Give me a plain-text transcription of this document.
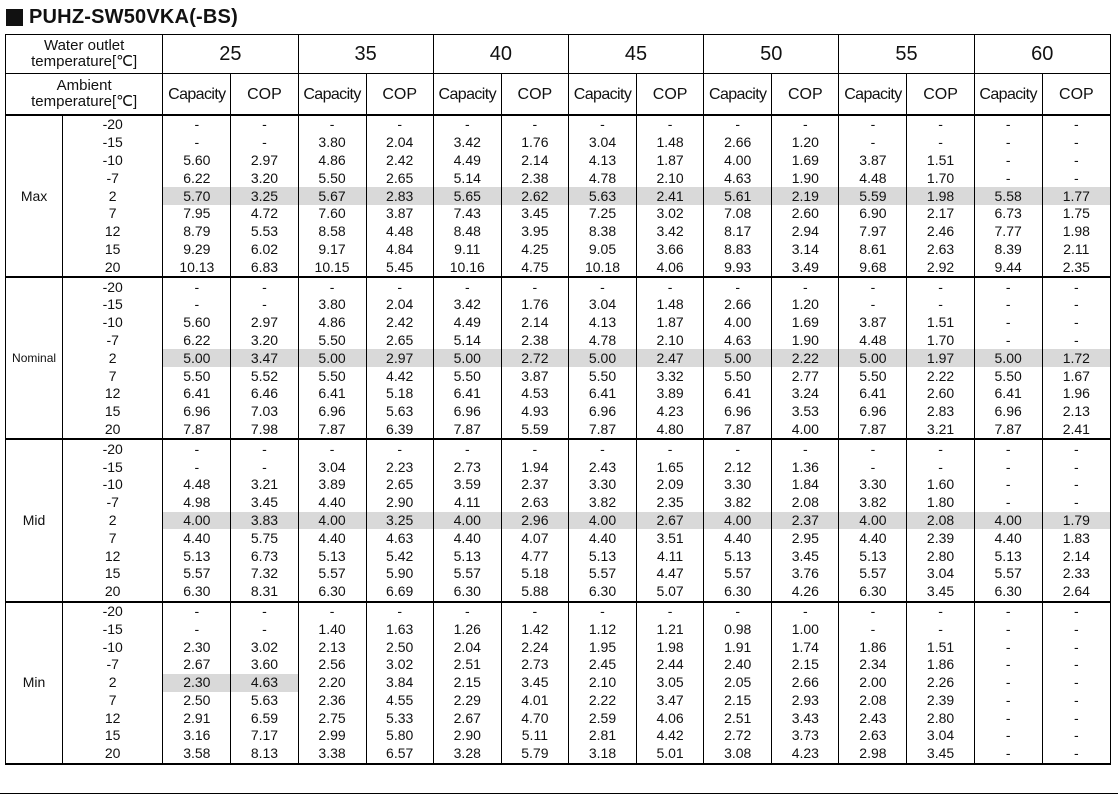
PUHZ-SW50VKA(-BS)
Water outlet temperature[℃]		25		35		40		45		50		55		60	
Ambient temperature[℃]		Capacity	COP	Capacity	COP	Capacity	COP	Capacity	COP	Capacity	COP	Capacity	COP	Capacity	COP
Max	-20	-	-	-	-	-	-	-	-	-	-	-	-	-	-
	-15	-	-	3.80	2.04	3.42	1.76	3.04	1.48	2.66	1.20	-	-	-	-
	-10	5.60	2.97	4.86	2.42	4.49	2.14	4.13	1.87	4.00	1.69	3.87	1.51	-	-
	-7	6.22	3.20	5.50	2.65	5.14	2.38	4.78	2.10	4.63	1.90	4.48	1.70	-	-
	2	5.70	3.25	5.67	2.83	5.65	2.62	5.63	2.41	5.61	2.19	5.59	1.98	5.58	1.77
	7	7.95	4.72	7.60	3.87	7.43	3.45	7.25	3.02	7.08	2.60	6.90	2.17	6.73	1.75
	12	8.79	5.53	8.58	4.48	8.48	3.95	8.38	3.42	8.17	2.94	7.97	2.46	7.77	1.98
	15	9.29	6.02	9.17	4.84	9.11	4.25	9.05	3.66	8.83	3.14	8.61	2.63	8.39	2.11
	20	10.13	6.83	10.15	5.45	10.16	4.75	10.18	4.06	9.93	3.49	9.68	2.92	9.44	2.35
Nominal	-20	-	-	-	-	-	-	-	-	-	-	-	-	-	-
	-15	-	-	3.80	2.04	3.42	1.76	3.04	1.48	2.66	1.20	-	-	-	-
	-10	5.60	2.97	4.86	2.42	4.49	2.14	4.13	1.87	4.00	1.69	3.87	1.51	-	-
	-7	6.22	3.20	5.50	2.65	5.14	2.38	4.78	2.10	4.63	1.90	4.48	1.70	-	-
	2	5.00	3.47	5.00	2.97	5.00	2.72	5.00	2.47	5.00	2.22	5.00	1.97	5.00	1.72
	7	5.50	5.52	5.50	4.42	5.50	3.87	5.50	3.32	5.50	2.77	5.50	2.22	5.50	1.67
	12	6.41	6.46	6.41	5.18	6.41	4.53	6.41	3.89	6.41	3.24	6.41	2.60	6.41	1.96
	15	6.96	7.03	6.96	5.63	6.96	4.93	6.96	4.23	6.96	3.53	6.96	2.83	6.96	2.13
	20	7.87	7.98	7.87	6.39	7.87	5.59	7.87	4.80	7.87	4.00	7.87	3.21	7.87	2.41
Mid	-20	-	-	-	-	-	-	-	-	-	-	-	-	-	-
	-15	-	-	3.04	2.23	2.73	1.94	2.43	1.65	2.12	1.36	-	-	-	-
	-10	4.48	3.21	3.89	2.65	3.59	2.37	3.30	2.09	3.30	1.84	3.30	1.60	-	-
	-7	4.98	3.45	4.40	2.90	4.11	2.63	3.82	2.35	3.82	2.08	3.82	1.80	-	-
	2	4.00	3.83	4.00	3.25	4.00	2.96	4.00	2.67	4.00	2.37	4.00	2.08	4.00	1.79
	7	4.40	5.75	4.40	4.63	4.40	4.07	4.40	3.51	4.40	2.95	4.40	2.39	4.40	1.83
	12	5.13	6.73	5.13	5.42	5.13	4.77	5.13	4.11	5.13	3.45	5.13	2.80	5.13	2.14
	15	5.57	7.32	5.57	5.90	5.57	5.18	5.57	4.47	5.57	3.76	5.57	3.04	5.57	2.33
	20	6.30	8.31	6.30	6.69	6.30	5.88	6.30	5.07	6.30	4.26	6.30	3.45	6.30	2.64
Min	-20	-	-	-	-	-	-	-	-	-	-	-	-	-	-
	-15	-	-	1.40	1.63	1.26	1.42	1.12	1.21	0.98	1.00	-	-	-	-
	-10	2.30	3.02	2.13	2.50	2.04	2.24	1.95	1.98	1.91	1.74	1.86	1.51	-	-
	-7	2.67	3.60	2.56	3.02	2.51	2.73	2.45	2.44	2.40	2.15	2.34	1.86	-	-
	2	2.30	4.63	2.20	3.84	2.15	3.45	2.10	3.05	2.05	2.66	2.00	2.26	-	-
	7	2.50	5.63	2.36	4.55	2.29	4.01	2.22	3.47	2.15	2.93	2.08	2.39	-	-
	12	2.91	6.59	2.75	5.33	2.67	4.70	2.59	4.06	2.51	3.43	2.43	2.80	-	-
	15	3.16	7.17	2.99	5.80	2.90	5.11	2.81	4.42	2.72	3.73	2.63	3.04	-	-
	20	3.58	8.13	3.38	6.57	3.28	5.79	3.18	5.01	3.08	4.23	2.98	3.45	-	-
